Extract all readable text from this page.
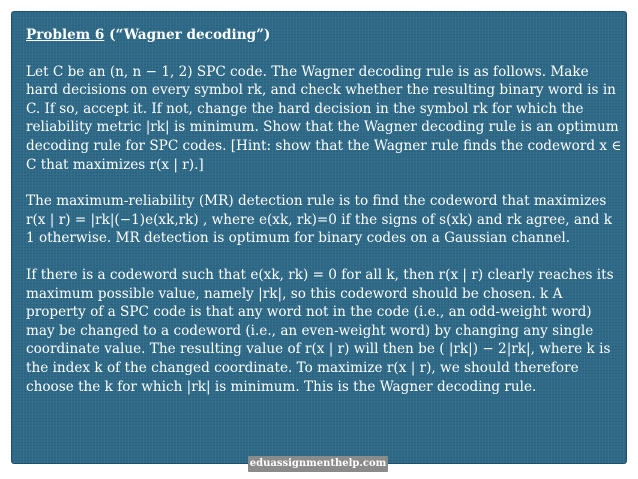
Problem 6 (“Wagner decoding”)
Let C be an (n, n − 1, 2) SPC code. The Wagner decoding rule is as follows. Make hard decisions on every symbol rk, and check whether the resulting binary word is in C. If so, accept it. If not, change the hard decision in the symbol rk for which the reliability metric |rk| is minimum. Show that the Wagner decoding rule is an optimum decoding rule for SPC codes. [Hint: show that the Wagner rule finds the codeword x ∈ C that maximizes r(x | r).]
The maximum-reliability (MR) detection rule is to find the codeword that maximizes r(x | r) = |rk|(−1)e(xk,rk) , where e(xk, rk)=0 if the signs of s(xk) and rk agree, and k 1 otherwise. MR detection is optimum for binary codes on a Gaussian channel.
If there is a codeword such that e(xk, rk) = 0 for all k, then r(x | r) clearly reaches its maximum possible value, namely |rk|, so this codeword should be chosen. k A property of a SPC code is that any word not in the code (i.e., an odd-weight word) may be changed to a codeword (i.e., an even-weight word) by changing any single coordinate value. The resulting value of r(x | r) will then be ( |rk|) − 2|rk|, where k is the index k of the changed coordinate. To maximize r(x | r), we should therefore choose the k for which |rk| is minimum. This is the Wagner decoding rule.
eduassignmenthelp.com
